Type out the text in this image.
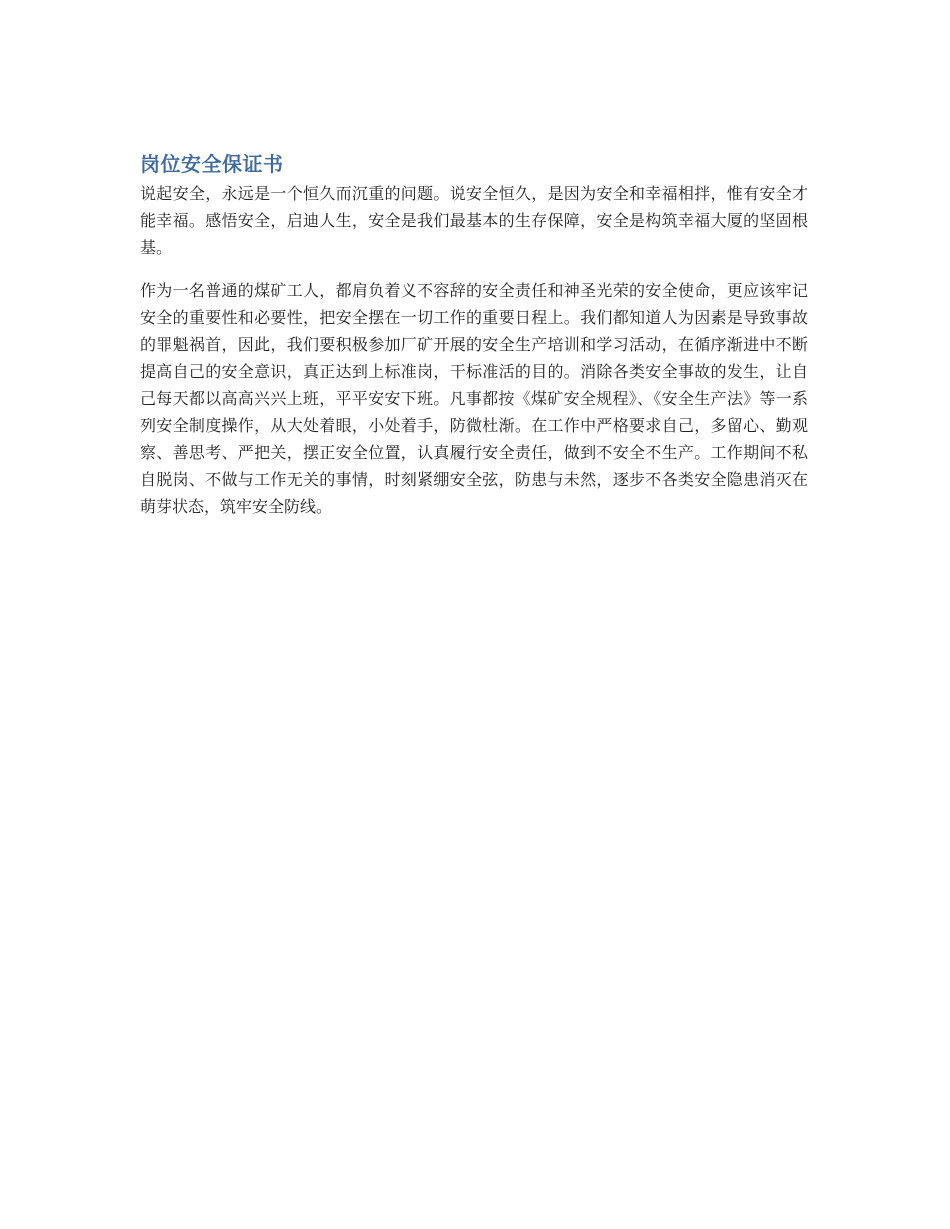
岗位安全保证书

说起安全，永远是一个恒久而沉重的问题。说安全恒久，是因为安全和幸福相拌，惟有安全才能幸福。感悟安全，启迪人生，安全是我们最基本的生存保障，安全是构筑幸福大厦的坚固根基。

作为一名普通的煤矿工人，都肩负着义不容辞的安全责任和神圣光荣的安全使命，更应该牢记安全的重要性和必要性，把安全摆在一切工作的重要日程上。我们都知道人为因素是导致事故的罪魁祸首，因此，我们要积极参加厂矿开展的安全生产培训和学习活动，在循序渐进中不断提高自己的安全意识，真正达到上标准岗，干标准活的目的。消除各类安全事故的发生，让自己每天都以高高兴兴上班，平平安安下班。凡事都按《煤矿安全规程》、《安全生产法》等一系列安全制度操作，从大处着眼，小处着手，防微杜渐。在工作中严格要求自己，多留心、勤观察、善思考、严把关，摆正安全位置，认真履行安全责任，做到不安全不生产。工作期间不私自脱岗、不做与工作无关的事情，时刻紧绷安全弦，防患与未然，逐步不各类安全隐患消灭在萌芽状态，筑牢安全防线。
